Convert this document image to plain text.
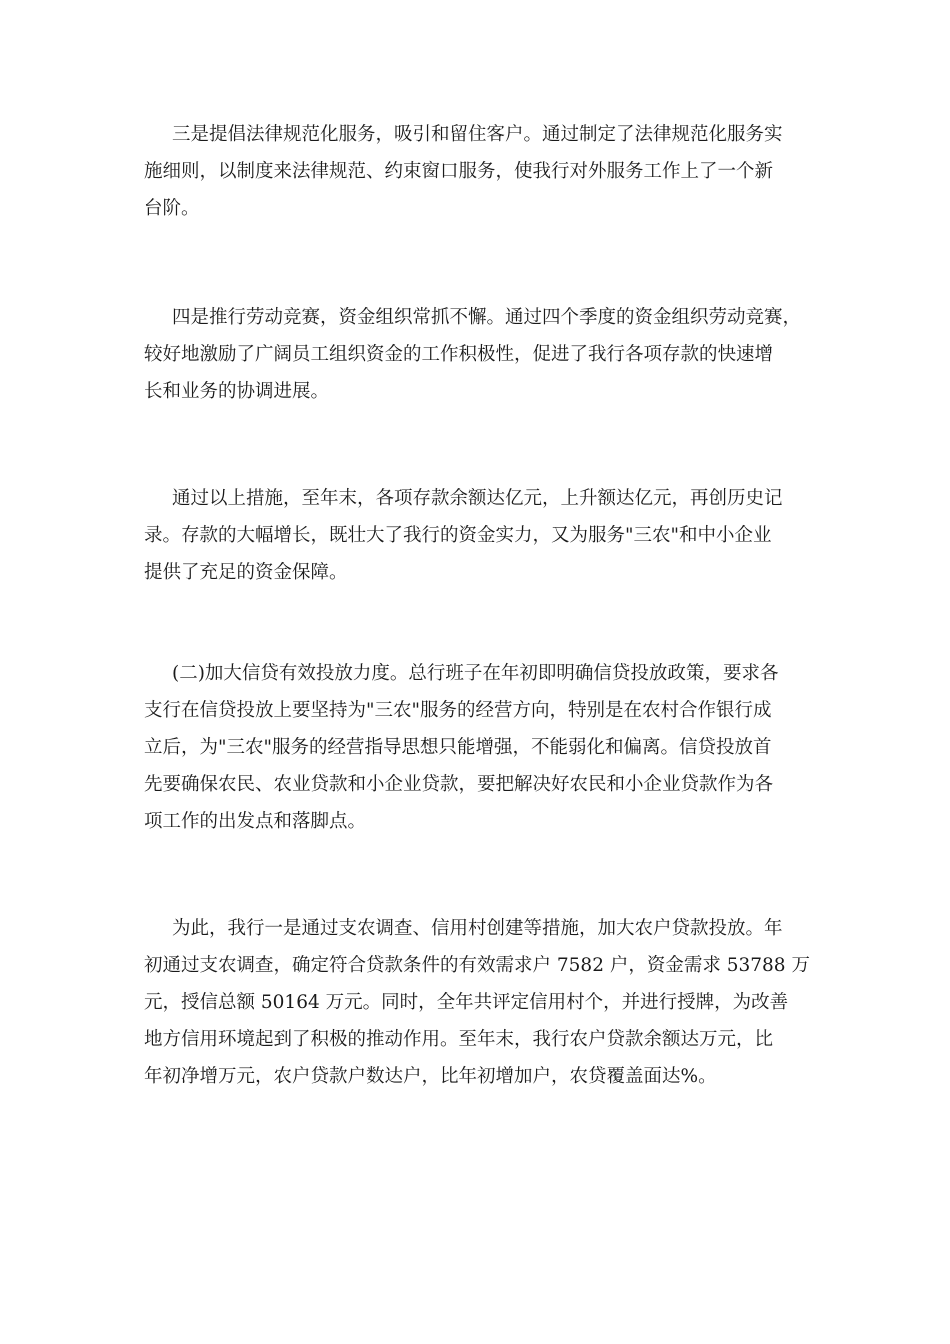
三是提倡法律规范化服务，吸引和留住客户。通过制定了法律规范化服务实
施细则，以制度来法律规范、约束窗口服务，使我行对外服务工作上了一个新
台阶。
四是推行劳动竞赛，资金组织常抓不懈。通过四个季度的资金组织劳动竞赛，
较好地激励了广阔员工组织资金的工作积极性，促进了我行各项存款的快速增
长和业务的协调进展。
通过以上措施，至年末，各项存款余额达亿元，上升额达亿元，再创历史记
录。存款的大幅增长，既壮大了我行的资金实力，又为服务"三农"和中小企业
提供了充足的资金保障。
(二)加大信贷有效投放力度。总行班子在年初即明确信贷投放政策，要求各
支行在信贷投放上要坚持为"三农"服务的经营方向，特别是在农村合作银行成
立后，为"三农"服务的经营指导思想只能增强，不能弱化和偏离。信贷投放首
先要确保农民、农业贷款和小企业贷款，要把解决好农民和小企业贷款作为各
项工作的出发点和落脚点。
为此，我行一是通过支农调查、信用村创建等措施，加大农户贷款投放。年
初通过支农调查，确定符合贷款条件的有效需求户 7582 户，资金需求 53788 万
元，授信总额 50164 万元。同时，全年共评定信用村个，并进行授牌，为改善
地方信用环境起到了积极的推动作用。至年末，我行农户贷款余额达万元，比
年初净增万元，农户贷款户数达户，比年初增加户，农贷覆盖面达%。
